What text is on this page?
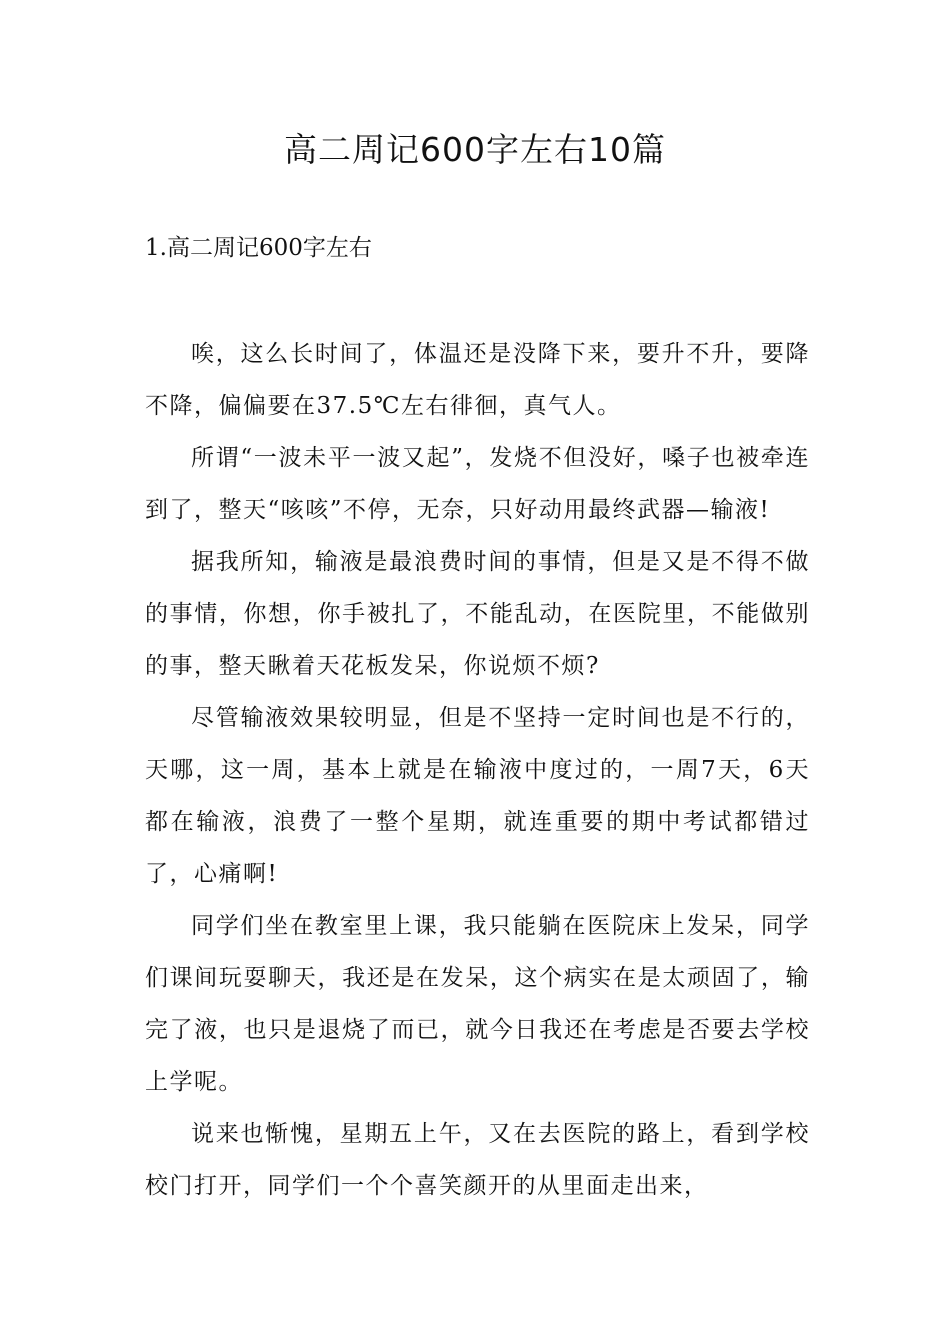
高二周记600字左右10篇
1.高二周记600字左右

唉，这么长时间了，体温还是没降下来，要升不升，要降不降，偏偏要在37.5℃左右徘徊，真气人。

所谓“一波未平一波又起”，发烧不但没好，嗓子也被牵连到了，整天“咳咳”不停，无奈，只好动用最终武器—输液!

据我所知，输液是最浪费时间的事情，但是又是不得不做的事情，你想，你手被扎了，不能乱动，在医院里，不能做别的事，整天瞅着天花板发呆，你说烦不烦?

尽管输液效果较明显，但是不坚持一定时间也是不行的，天哪，这一周，基本上就是在输液中度过的，一周7天，6天都在输液，浪费了一整个星期，就连重要的期中考试都错过了，心痛啊!

同学们坐在教室里上课，我只能躺在医院床上发呆，同学们课间玩耍聊天，我还是在发呆，这个病实在是太顽固了，输完了液，也只是退烧了而已，就今日我还在考虑是否要去学校上学呢。

说来也惭愧，星期五上午，又在去医院的路上，看到学校校门打开，同学们一个个喜笑颜开的从里面走出来，
